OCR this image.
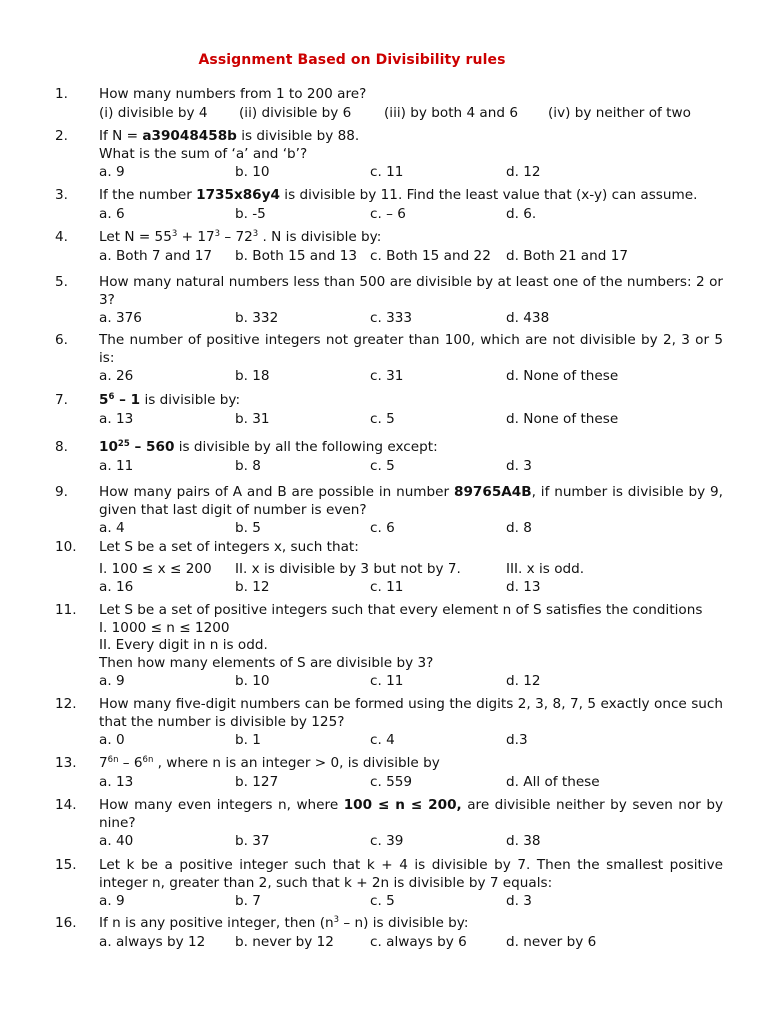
Assignment Based on Divisibility rules
1. How many numbers from 1 to 200 are?
(i) divisible by 4 (ii) divisible by 6 (iii) by both 4 and 6 (iv) by neither of two
2. If N = a39048458b is divisible by 88.
What is the sum of ‘a’ and ‘b’?
a. 9	b. 10	c. 11	d. 12
3. If the number 1735x86y4 is divisible by 11. Find the least value that (x-y) can assume.
a. 6	b. -5	c. – 6	d. 6.
4. Let $N = 55^3 + 17^3 - 72^3$ . N is divisible by:
a. Both 7 and 17 b. Both 15 and 13 c. Both 15 and 22 d. Both 21 and 17
5. How many natural numbers less than 500 are divisible by at least one of the numbers: 2 or 3?
a. 376	b. 332	c. 333	d. 438
6. The number of positive integers not greater than 100, which are not divisible by 2, 3 or 5 is:
a. 26	b. 18	c. 31	d. None of these
7. $5^6 - 1$ is divisible by:
a. 13	b. 31	c. 5	d. None of these
8. $10^{25} - 560$ is divisible by all the following except:
a. 11	b. 8	c. 5	d. 3
9. How many pairs of A and B are possible in number 89765A4B, if number is divisible by 9, given that last digit of number is even?
a. 4	b. 5	c. 6	d. 8
10. Let S be a set of integers x, such that:
I. 100 ≤ x ≤ 200 II. x is divisible by 3 but not by 7.	III. x is odd.
a. 16	b. 12	c. 11	d. 13
11. Let S be a set of positive integers such that every element n of S satisfies the conditions
I. 1000 ≤ n ≤ 1200
II. Every digit in n is odd.
Then how many elements of S are divisible by 3?
a. 9	b. 10	c. 11	d. 12
12. How many five-digit numbers can be formed using the digits 2, 3, 8, 7, 5 exactly once such that the number is divisible by 125?
a. 0	b. 1	c. 4	d.3
13. $7^{6n} - 6^{6n}$ , where n is an integer > 0, is divisible by
a. 13	b. 127	c. 559	d. All of these
14. How many even integers n, where 100 ≤ n ≤ 200, are divisible neither by seven nor by nine?
a. 40	b. 37	c. 39	d. 38
15. Let k be a positive integer such that k + 4 is divisible by 7. Then the smallest positive integer n, greater than 2, such that k + 2n is divisible by 7 equals:
a. 9	b. 7	c. 5	d. 3
16. If n is any positive integer, then $(n^3 - n)$ is divisible by:
a. always by 12 b. never by 12	c. always by 6	d. never by 6
